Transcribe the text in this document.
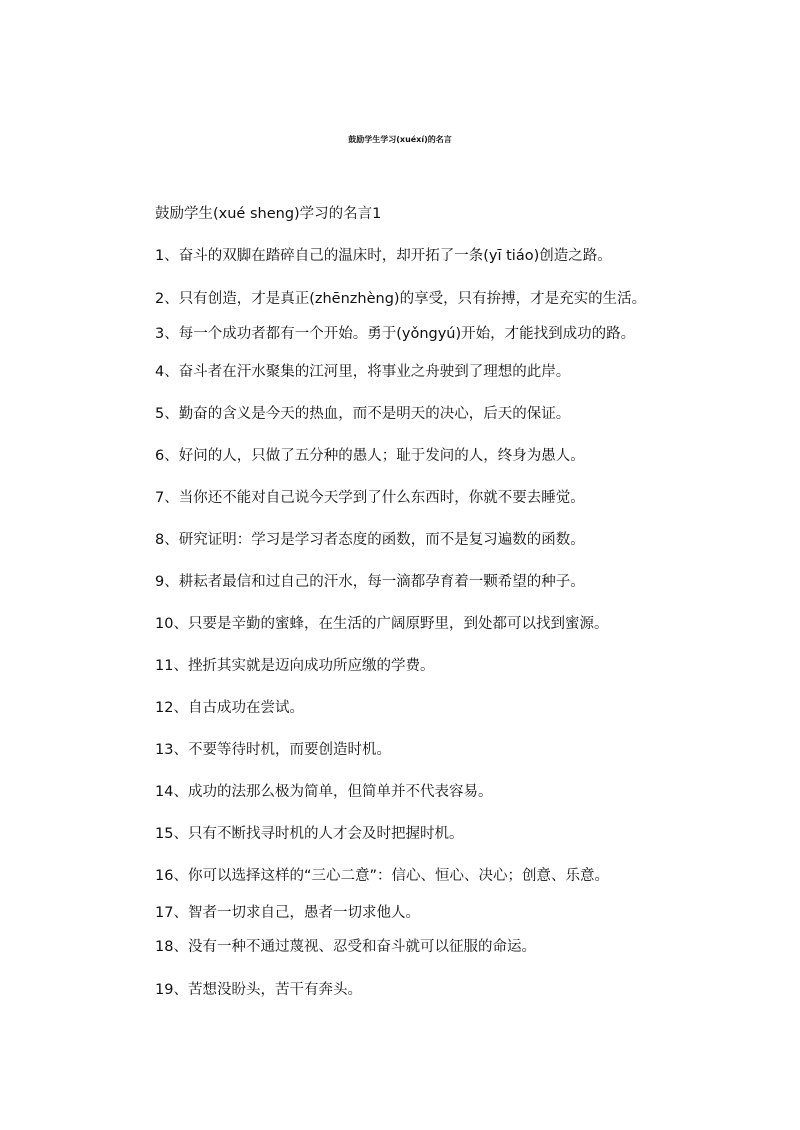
鼓励学生学习(xuéxí)的名言
鼓励学生(xué sheng)学习的名言1
1、奋斗的双脚在踏碎自己的温床时，却开拓了一条(yī tiáo)创造之路。
2、只有创造，才是真正(zhēnzhèng)的享受，只有拚搏，才是充实的生活。
3、每一个成功者都有一个开始。勇于(yǒngyú)开始，才能找到成功的路。
4、奋斗者在汗水聚集的江河里，将事业之舟驶到了理想的此岸。
5、勤奋的含义是今天的热血，而不是明天的决心，后天的保证。
6、好问的人，只做了五分种的愚人；耻于发问的人，终身为愚人。
7、当你还不能对自己说今天学到了什么东西时，你就不要去睡觉。
8、研究证明：学习是学习者态度的函数，而不是复习遍数的函数。
9、耕耘者最信和过自己的汗水，每一滴都孕育着一颗希望的种子。
10、只要是辛勤的蜜蜂，在生活的广阔原野里，到处都可以找到蜜源。
11、挫折其实就是迈向成功所应缴的学费。
12、自古成功在尝试。
13、不要等待时机，而要创造时机。
14、成功的法那么极为简单，但简单并不代表容易。
15、只有不断找寻时机的人才会及时把握时机。
16、你可以选择这样的“三心二意”：信心、恒心、决心；创意、乐意。
17、智者一切求自己，愚者一切求他人。
18、没有一种不通过蔑视、忍受和奋斗就可以征服的命运。
19、苦想没盼头，苦干有奔头。
